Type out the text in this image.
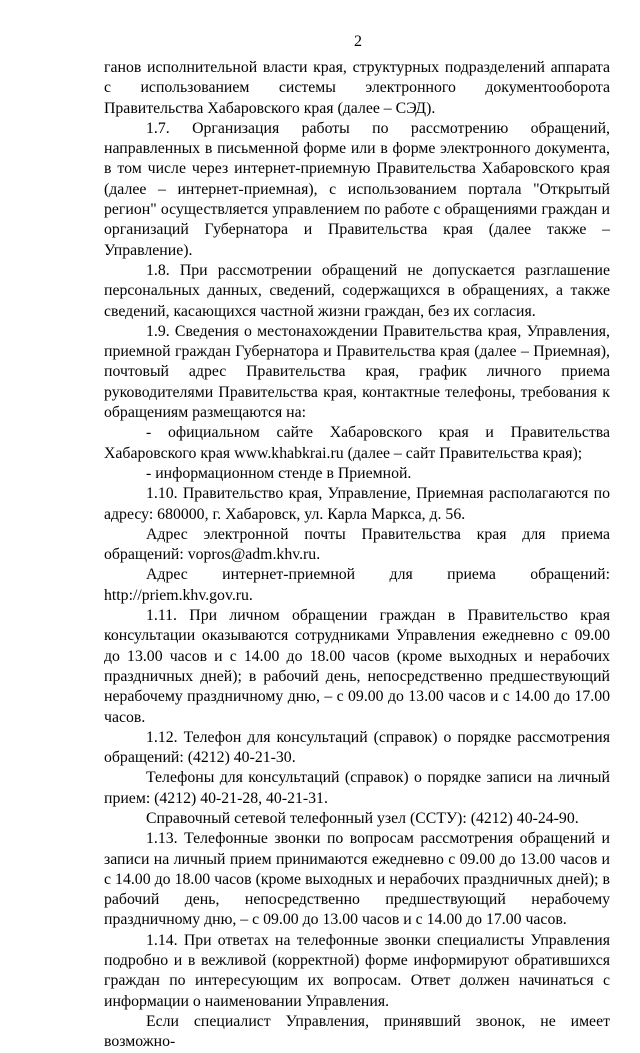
2

ганов исполнительной власти края, структурных подразделений аппарата с использованием системы электронного документооборота Правительства Хабаровского края (далее – СЭД).

1.7. Организация работы по рассмотрению обращений, направленных в письменной форме или в форме электронного документа, в том числе через интернет-приемную Правительства Хабаровского края (далее – интернет-приемная), с использованием портала "Открытый регион" осуществляется управлением по работе с обращениями граждан и организаций Губернатора и Правительства края (далее также – Управление).

1.8. При рассмотрении обращений не допускается разглашение персональных данных, сведений, содержащихся в обращениях, а также сведений, касающихся частной жизни граждан, без их согласия.

1.9. Сведения о местонахождении Правительства края, Управления, приемной граждан Губернатора и Правительства края (далее – Приемная), почтовый адрес Правительства края, график личного приема руководителями Правительства края, контактные телефоны, требования к обращениям размещаются на:

- официальном сайте Хабаровского края и Правительства Хабаровского края www.khabkrai.ru (далее – сайт Правительства края);

- информационном стенде в Приемной.

1.10. Правительство края, Управление, Приемная располагаются по адресу: 680000, г. Хабаровск, ул. Карла Маркса, д. 56.

Адрес электронной почты Правительства края для приема обращений: vopros@adm.khv.ru.

Адрес интернет-приемной для приема обращений: http://priem.khv.gov.ru.

1.11. При личном обращении граждан в Правительство края консультации оказываются сотрудниками Управления ежедневно с 09.00 до 13.00 часов и с 14.00 до 18.00 часов (кроме выходных и нерабочих праздничных дней); в рабочий день, непосредственно предшествующий нерабочему праздничному дню, – с 09.00 до 13.00 часов и с 14.00 до 17.00 часов.

1.12. Телефон для консультаций (справок) о порядке рассмотрения обращений: (4212) 40-21-30.

Телефоны для консультаций (справок) о порядке записи на личный прием: (4212) 40-21-28, 40-21-31.

Справочный сетевой телефонный узел (ССТУ): (4212) 40-24-90.

1.13. Телефонные звонки по вопросам рассмотрения обращений и записи на личный прием принимаются ежедневно с 09.00 до 13.00 часов и с 14.00 до 18.00 часов (кроме выходных и нерабочих праздничных дней); в рабочий день, непосредственно предшествующий нерабочему праздничному дню, – с 09.00 до 13.00 часов и с 14.00 до 17.00 часов.

1.14. При ответах на телефонные звонки специалисты Управления подробно и в вежливой (корректной) форме информируют обратившихся граждан по интересующим их вопросам. Ответ должен начинаться с информации о наименовании Управления.

Если специалист Управления, принявший звонок, не имеет возможно-
